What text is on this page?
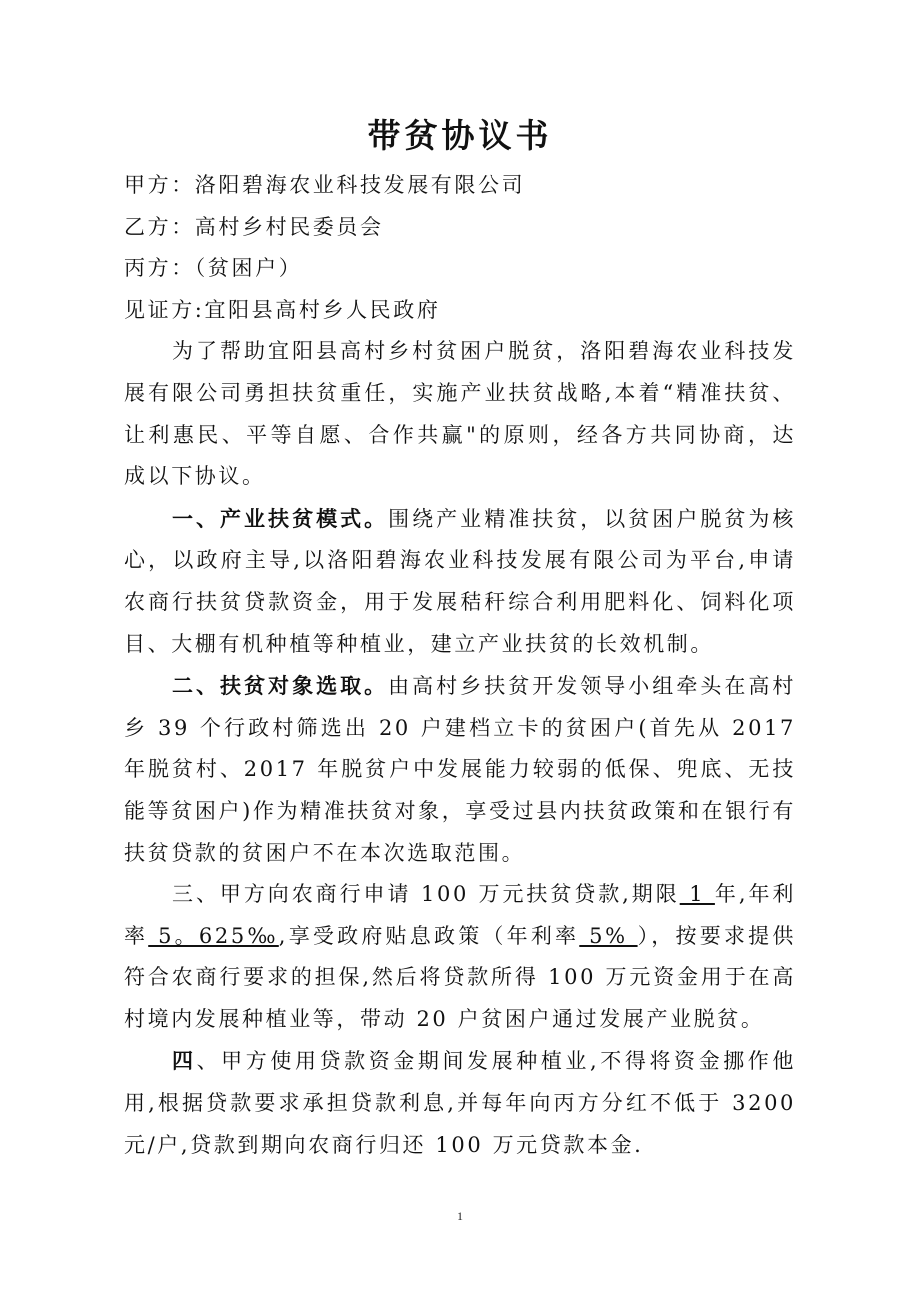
带贫协议书

甲方：洛阳碧海农业科技发展有限公司

乙方：高村乡村民委员会

丙方：（贫困户）

见证方:宜阳县高村乡人民政府

为了帮助宜阳县高村乡村贫困户脱贫，洛阳碧海农业科技发展有限公司勇担扶贫重任，实施产业扶贫战略,本着“精准扶贫、让利惠民、平等自愿、合作共赢"的原则，经各方共同协商，达成以下协议。

一、产业扶贫模式。围绕产业精准扶贫，以贫困户脱贫为核心，以政府主导,以洛阳碧海农业科技发展有限公司为平台,申请农商行扶贫贷款资金，用于发展秸秆综合利用肥料化、饲料化项目、大棚有机种植等种植业，建立产业扶贫的长效机制。

二、扶贫对象选取。由高村乡扶贫开发领导小组牵头在高村乡 39 个行政村筛选出 20 户建档立卡的贫困户(首先从 2017 年脱贫村、2017 年脱贫户中发展能力较弱的低保、兜底、无技能等贫困户)作为精准扶贫对象，享受过县内扶贫政策和在银行有扶贫贷款的贫困户不在本次选取范围。

三、甲方向农商行申请 100 万元扶贫贷款,期限 1 年,年利率 5。625‰,享受政府贴息政策（年利率 5% ），按要求提供符合农商行要求的担保,然后将贷款所得 100 万元资金用于在高村境内发展种植业等，带动 20 户贫困户通过发展产业脱贫。

四、甲方使用贷款资金期间发展种植业,不得将资金挪作他用,根据贷款要求承担贷款利息,并每年向丙方分红不低于 3200 元/户,贷款到期向农商行归还 100 万元贷款本金.

1
